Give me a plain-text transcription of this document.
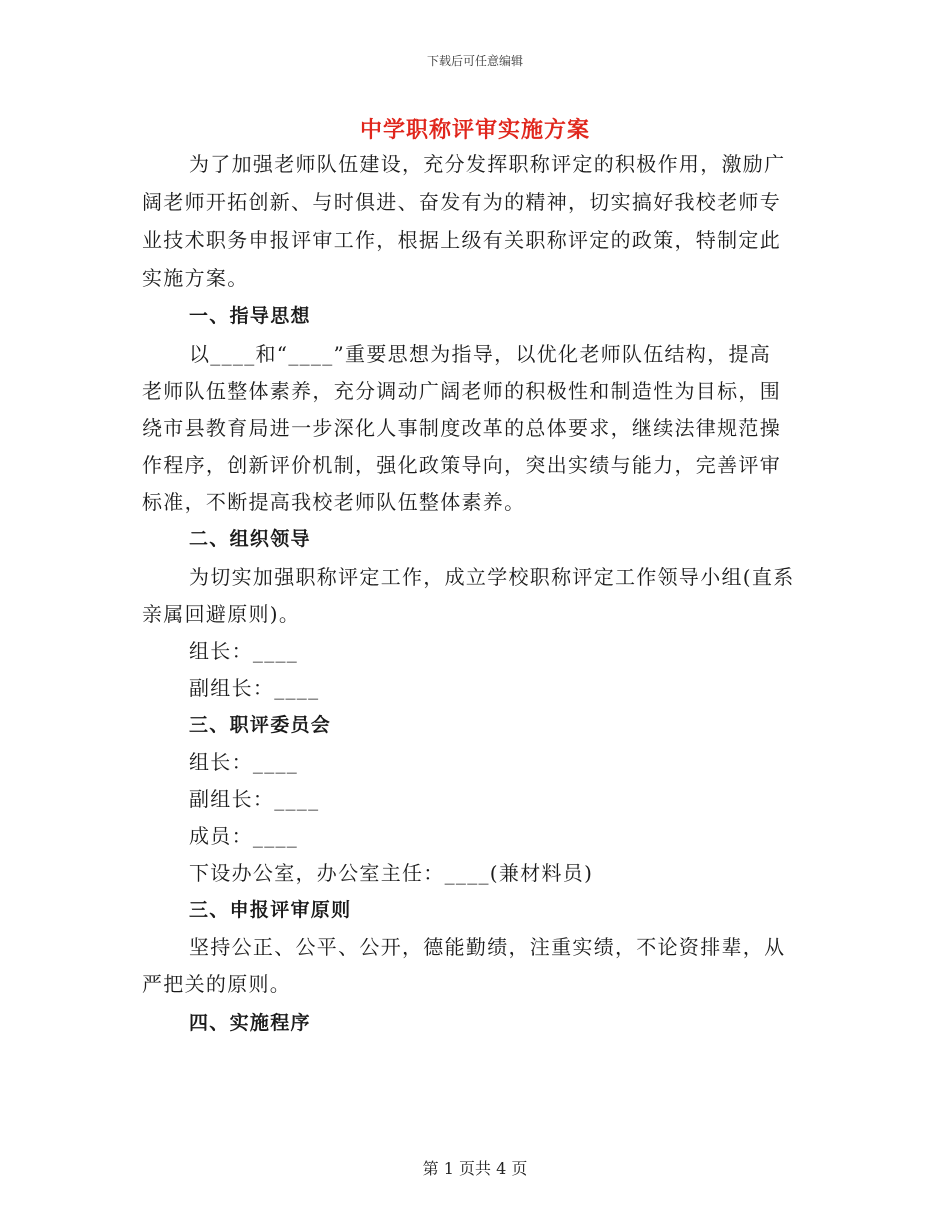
下载后可任意编辑
中学职称评审实施方案
为了加强老师队伍建设，充分发挥职称评定的积极作用，激励广
阔老师开拓创新、与时俱进、奋发有为的精神，切实搞好我校老师专
业技术职务申报评审工作，根据上级有关职称评定的政策，特制定此
实施方案。
一、指导思想
以____和“____”重要思想为指导，以优化老师队伍结构，提高
老师队伍整体素养，充分调动广阔老师的积极性和制造性为目标，围
绕市县教育局进一步深化人事制度改革的总体要求，继续法律规范操
作程序，创新评价机制，强化政策导向，突出实绩与能力，完善评审
标准，不断提高我校老师队伍整体素养。
二、组织领导
为切实加强职称评定工作，成立学校职称评定工作领导小组(直系
亲属回避原则)。
组长：____
副组长：____
三、职评委员会
组长：____
副组长：____
成员：____
下设办公室，办公室主任：____(兼材料员)
三、申报评审原则
坚持公正、公平、公开，德能勤绩，注重实绩，不论资排辈，从
严把关的原则。
四、实施程序
第 1 页共 4 页
